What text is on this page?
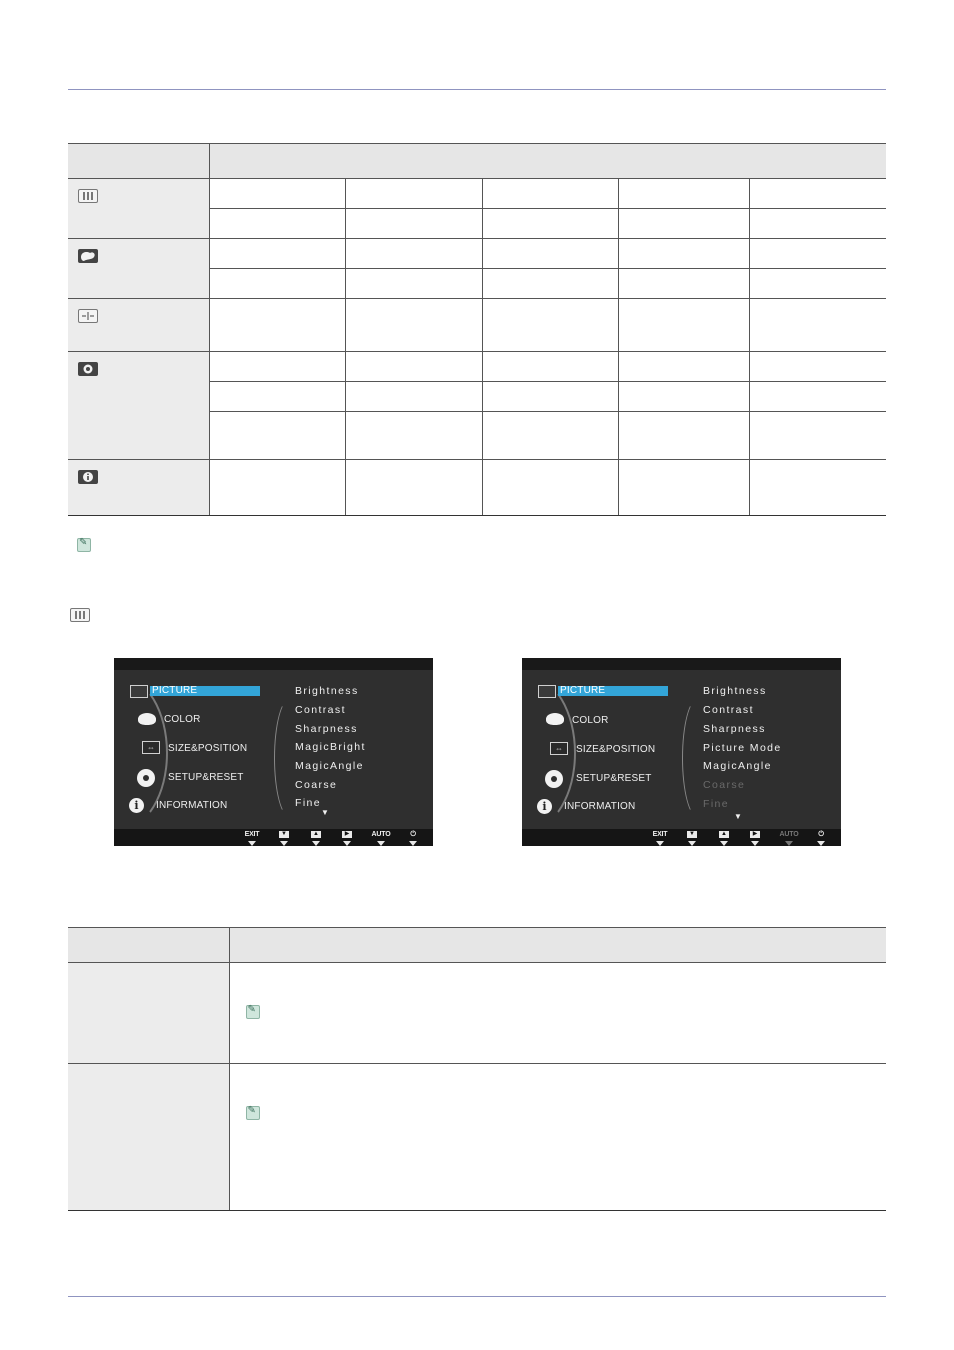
✎
PICTURE
COLOR
⇔	SIZE&POSITION
SETUP&RESET
i	INFORMATION
Brightness
Contrast
Sharpness
MagicBright
MagicAngle
Coarse
Fine
▼
EXIT	▼	▲	▶	AUTO	⏻
PICTURE
COLOR
⇔	SIZE&POSITION
SETUP&RESET
i	INFORMATION
Brightness
Contrast
Sharpness
Picture Mode
MagicAngle
Coarse
Fine
▼
EXIT	▼	▲	▶	AUTO	⏻

✎

✎
